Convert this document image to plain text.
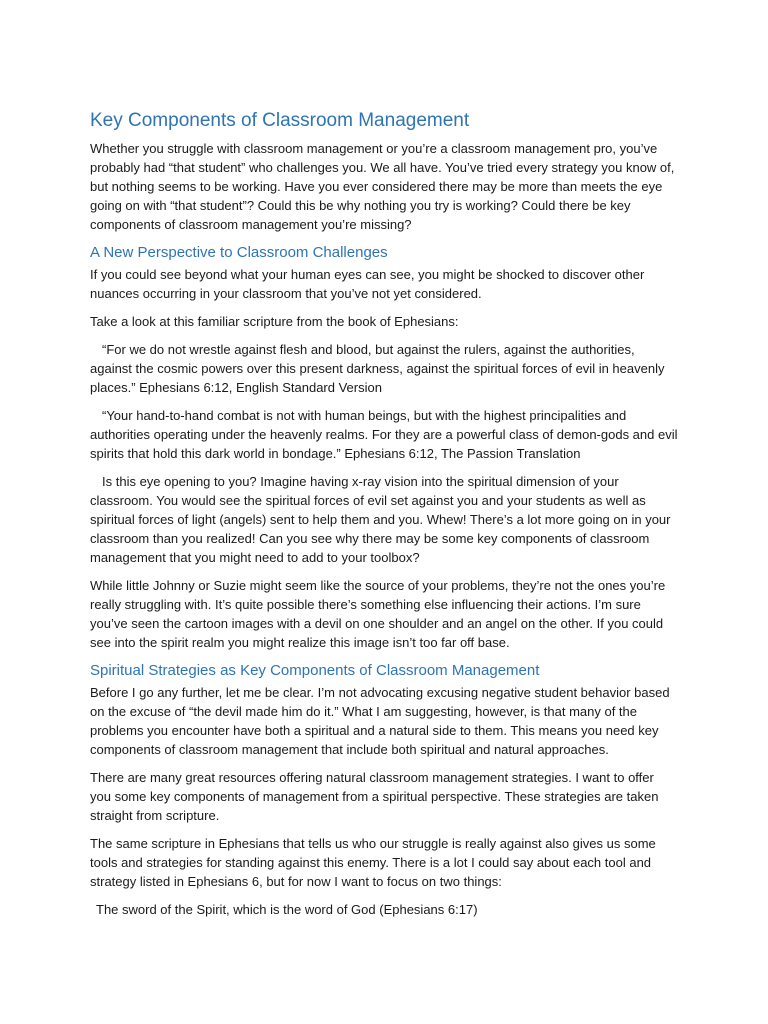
Key Components of Classroom Management

Whether you struggle with classroom management or you’re a classroom management pro, you’ve probably had “that student” who challenges you. We all have. You’ve tried every strategy you know of, but nothing seems to be working. Have you ever considered there may be more than meets the eye going on with “that student”? Could this be why nothing you try is working? Could there be key components of classroom management you’re missing?

A New Perspective to Classroom Challenges

If you could see beyond what your human eyes can see, you might be shocked to discover other nuances occurring in your classroom that you’ve not yet considered.

Take a look at this familiar scripture from the book of Ephesians:

“For we do not wrestle against flesh and blood, but against the rulers, against the authorities, against the cosmic powers over this present darkness, against the spiritual forces of evil in heavenly places.” Ephesians 6:12, English Standard Version

“Your hand-to-hand combat is not with human beings, but with the highest principalities and authorities operating under the heavenly realms. For they are a powerful class of demon-gods and evil spirits that hold this dark world in bondage.” Ephesians 6:12, The Passion Translation

Is this eye opening to you? Imagine having x-ray vision into the spiritual dimension of your classroom. You would see the spiritual forces of evil set against you and your students as well as spiritual forces of light (angels) sent to help them and you. Whew! There’s a lot more going on in your classroom than you realized! Can you see why there may be some key components of classroom management that you might need to add to your toolbox?

While little Johnny or Suzie might seem like the source of your problems, they’re not the ones you’re really struggling with. It’s quite possible there’s something else influencing their actions. I’m sure you’ve seen the cartoon images with a devil on one shoulder and an angel on the other. If you could see into the spirit realm you might realize this image isn’t too far off base.

Spiritual Strategies as Key Components of Classroom Management

Before I go any further, let me be clear. I’m not advocating excusing negative student behavior based on the excuse of “the devil made him do it.” What I am suggesting, however, is that many of the problems you encounter have both a spiritual and a natural side to them. This means you need key components of classroom management that include both spiritual and natural approaches.

There are many great resources offering natural classroom management strategies. I want to offer you some key components of management from a spiritual perspective. These strategies are taken straight from scripture.

The same scripture in Ephesians that tells us who our struggle is really against also gives us some tools and strategies for standing against this enemy. There is a lot I could say about each tool and strategy listed in Ephesians 6, but for now I want to focus on two things:

The sword of the Spirit, which is the word of God (Ephesians 6:17)
